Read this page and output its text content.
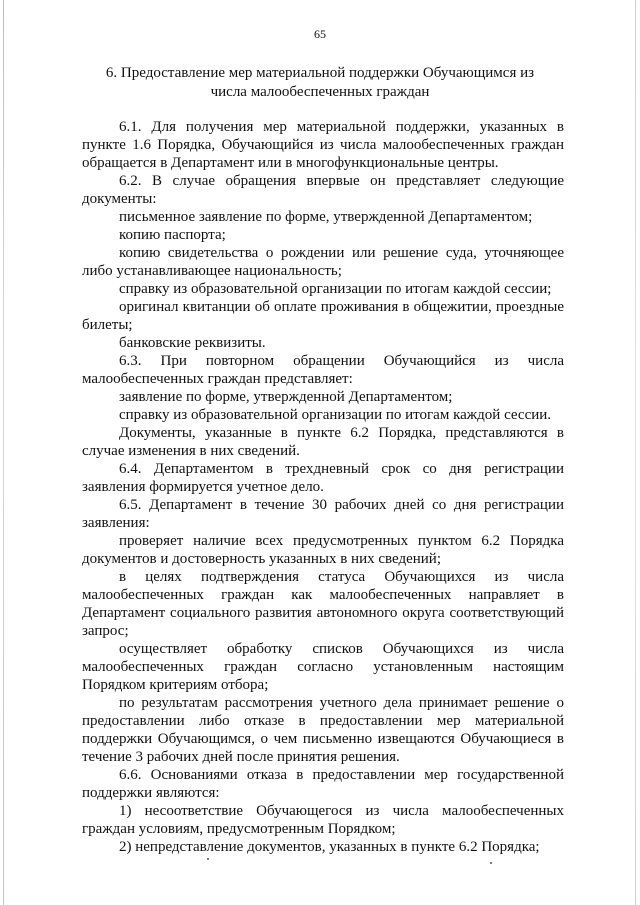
65
6. Предоставление мер материальной поддержки Обучающимся из числа малообеспеченных граждан

6.1. Для получения мер материальной поддержки, указанных в пункте 1.6 Порядка, Обучающийся из числа малообеспеченных граждан обращается в Департамент или в многофункциональные центры.

6.2. В случае обращения впервые он представляет следующие документы:

письменное заявление по форме, утвержденной Департаментом;

копию паспорта;

копию свидетельства о рождении или решение суда, уточняющее либо устанавливающее национальность;

справку из образовательной организации по итогам каждой сессии;

оригинал квитанции об оплате проживания в общежитии, проездные билеты;

банковские реквизиты.

6.3. При повторном обращении Обучающийся из числа малообеспеченных граждан представляет:

заявление по форме, утвержденной Департаментом;

справку из образовательной организации по итогам каждой сессии.

Документы, указанные в пункте 6.2 Порядка, представляются в случае изменения в них сведений.

6.4. Департаментом в трехдневный срок со дня регистрации заявления формируется учетное дело.

6.5. Департамент в течение 30 рабочих дней со дня регистрации заявления:

проверяет наличие всех предусмотренных пунктом 6.2 Порядка документов и достоверность указанных в них сведений;

в целях подтверждения статуса Обучающихся из числа малообеспеченных граждан как малообеспеченных направляет в Департамент социального развития автономного округа соответствующий запрос;

осуществляет обработку списков Обучающихся из числа малообеспеченных граждан согласно установленным настоящим Порядком критериям отбора;

по результатам рассмотрения учетного дела принимает решение о предоставлении либо отказе в предоставлении мер материальной поддержки Обучающимся, о чем письменно извещаются Обучающиеся в течение 3 рабочих дней после принятия решения.

6.6. Основаниями отказа в предоставлении мер государственной поддержки являются:

1) несоответствие Обучающегося из числа малообеспеченных граждан условиям, предусмотренным Порядком;

2) непредставление документов, указанных в пункте 6.2 Порядка;
